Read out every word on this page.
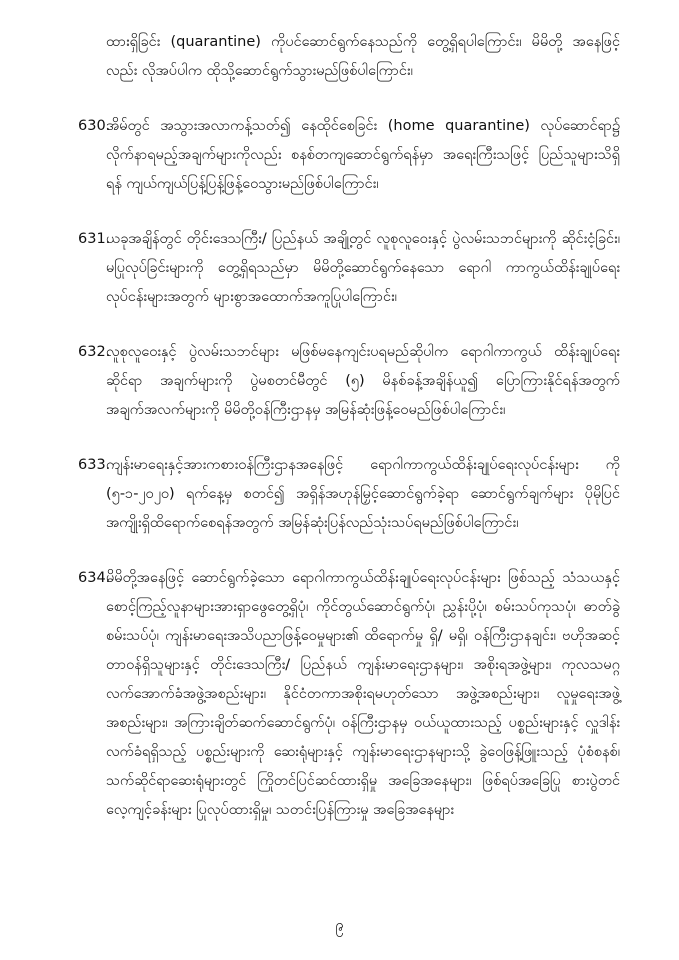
ထားရှိခြင်း (quarantine) ကိုပင်ဆောင်ရွက်နေသည်ကို တွေ့ရှိရပါကြောင်း၊ မိမိတို့ အနေဖြင့်လည်း လိုအပ်ပါက ထိုသို့ဆောင်ရွက်သွားမည်ဖြစ်ပါကြောင်း၊

630.
အိမ်တွင် အသွားအလာကန့်သတ်၍ နေထိုင်စေခြင်း (home quarantine) လုပ်ဆောင်ရာ၌ လိုက်နာရမည့်အချက်များကိုလည်း စနစ်တကျဆောင်ရွက်ရန်မှာ အရေးကြီးသဖြင့် ပြည်သူများသိရှိရန် ကျယ်ကျယ်ပြန့်ပြန့်ဖြန့်ဝေသွားမည်ဖြစ်ပါကြောင်း၊

631.
ယခုအချိန်တွင် တိုင်းဒေသကြီး/ ပြည်နယ် အချို့တွင် လူစုလူဝေးနှင့် ပွဲလမ်းသဘင်များကို ဆိုင်းငံ့ခြင်း၊ မပြုလုပ်ခြင်းများကို တွေ့ရှိရသည်မှာ မိမိတို့ဆောင်ရွက်နေသော ရောဂါ ကာကွယ်ထိန်းချုပ်ရေးလုပ်ငန်းများအတွက် များစွာအထောက်အကူပြုပါကြောင်း၊

632.
လူစုလူဝေးနှင့် ပွဲလမ်းသဘင်များ မဖြစ်မနေကျင်းပရမည်ဆိုပါက ရောဂါကာကွယ် ထိန်းချုပ်ရေးဆိုင်ရာ အချက်များကို ပွဲမစတင်မီတွင် (၅) မိနစ်ခန့်အချိန်ယူ၍ ပြောကြားနိုင်ရန်အတွက် အချက်အလက်များကို မိမိတို့ဝန်ကြီးဌာနမှ အမြန်ဆုံးဖြန့်ဝေမည်ဖြစ်ပါကြောင်း၊

633.
ကျန်းမာရေးနှင့်အားကစားဝန်ကြီးဌာနအနေဖြင့် ရောဂါကာကွယ်ထိန်းချုပ်ရေးလုပ်ငန်းများ ကို (၅-၁-၂၀၂၀) ရက်နေ့မှ စတင်၍ အရှိန်အဟုန်မြှင့်ဆောင်ရွက်ခဲ့ရာ ဆောင်ရွက်ချက်များ ပိုမိုပြင် အကျိုးရှိထိရောက်စေရန်အတွက် အမြန်ဆုံးပြန်လည်သုံးသပ်ရမည်ဖြစ်ပါကြောင်း၊

634.
မိမိတို့အနေဖြင့် ဆောင်ရွက်ခဲ့သော ရောဂါကာကွယ်ထိန်းချုပ်ရေးလုပ်ငန်းများ ဖြစ်သည့် သံသယနှင့် စောင့်ကြည့်လူနာများအားရှာဖွေတွေ့ရှိပုံ၊ ကိုင်တွယ်ဆောင်ရွက်ပုံ၊ ညွှန်းပို့ပုံ၊ စမ်းသပ်ကုသပုံ၊ ဓာတ်ခွဲစမ်းသပ်ပုံ၊ ကျန်းမာရေးအသိပညာဖြန့်ဝေမှုများ၏ ထိရောက်မှု ရှိ/ မရှိ၊ ဝန်ကြီးဌာနချင်း၊ ဗဟိုအဆင့်တာဝန်ရှိသူများနှင့် တိုင်းဒေသကြီး/ ပြည်နယ် ကျန်းမာရေးဌာနများ၊ အစိုးရအဖွဲ့များ၊ ကုလသမဂ္ဂလက်အောက်ခံအဖွဲ့အစည်းများ၊ နိုင်ငံတကာအစိုးရမဟုတ်သော အဖွဲ့အစည်းများ၊ လူမှုရေးအဖွဲ့အစည်းများ၊ အကြားချိတ်ဆက်ဆောင်ရွက်ပုံ၊ ဝန်ကြီးဌာနမှ ဝယ်ယူထားသည့် ပစ္စည်းများနှင့် လှူဒါန်းလက်ခံရရှိသည့် ပစ္စည်းများကို ဆေးရုံများနှင့် ကျန်းမာရေးဌာနများသို့ ခွဲဝေဖြန့်ဖြူးသည့် ပုံစံစနစ်၊ သက်ဆိုင်ရာဆေးရုံများတွင် ကြိုတင်ပြင်ဆင်ထားရှိမှု အခြေအနေများ၊ ဖြစ်ရပ်အခြေပြု စားပွဲတင်လေ့ကျင့်ခန်းများ ပြုလုပ်ထားရှိမှု၊ သတင်းပြန်ကြားမှု အခြေအနေများ

၉
